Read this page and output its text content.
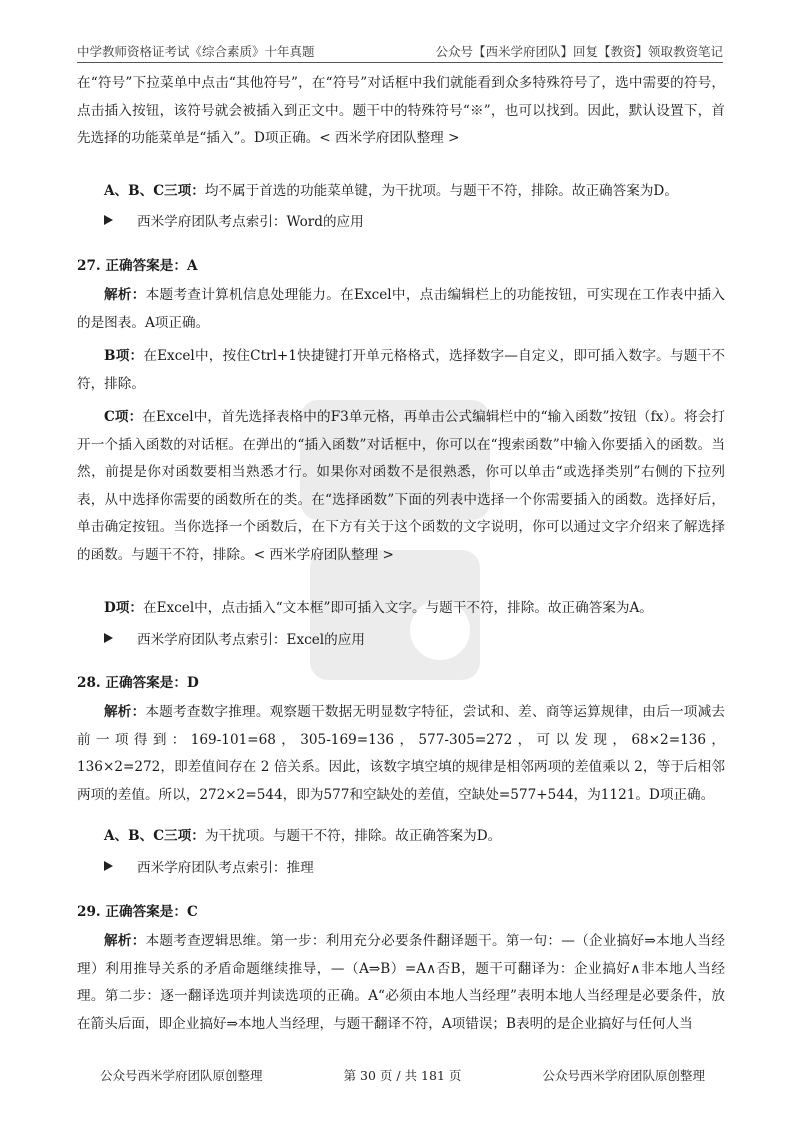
中学教师资格证考试《综合素质》十年真题	公众号【西米学府团队】回复【教资】领取教资笔记
在“符号”下拉菜单中点击“其他符号”，在“符号”对话框中我们就能看到众多特殊符号了，选中需要的符号，点击插入按钮，该符号就会被插入到正文中。题干中的特殊符号“※”，也可以找到。因此，默认设置下，首先选择的功能菜单是“插入”。D项正确。< 西米学府团队整理 >
A、B、C三项：均不属于首选的功能菜单键，为干扰项。与题干不符，排除。故正确答案为D。
西米学府团队考点索引：Word的应用
27. 正确答案是：A
解析：本题考查计算机信息处理能力。在Excel中，点击编辑栏上的功能按钮，可实现在工作表中插入的是图表。A项正确。
B项：在Excel中，按住Ctrl+1快捷键打开单元格格式，选择数字—自定义，即可插入数字。与题干不符，排除。
C项：在Excel中，首先选择表格中的F3单元格，再单击公式编辑栏中的“输入函数”按钮（fx）。将会打开一个插入函数的对话框。在弹出的“插入函数”对话框中，你可以在“搜索函数”中输入你要插入的函数。当然，前提是你对函数要相当熟悉才行。如果你对函数不是很熟悉，你可以单击“或选择类别”右侧的下拉列表，从中选择你需要的函数所在的类。在“选择函数”下面的列表中选择一个你需要插入的函数。选择好后，单击确定按钮。当你选择一个函数后，在下方有关于这个函数的文字说明，你可以通过文字介绍来了解选择的函数。与题干不符，排除。< 西米学府团队整理 >
D项：在Excel中，点击插入“文本框”即可插入文字。与题干不符，排除。故正确答案为A。
西米学府团队考点索引：Excel的应用
28. 正确答案是：D
解析：本题考查数字推理。观察题干数据无明显数字特征，尝试和、差、商等运算规律，由后一项减去前一项得到：169-101=68，305-169=136，577-305=272，可以发现，68×2=136，136×2=272，即差值间存在 2 倍关系。因此，该数字填空填的规律是相邻两项的差值乘以 2，等于后相邻两项的差值。所以，272×2=544，即为577和空缺处的差值，空缺处=577+544，为1121。D项正确。
A、B、C三项：为干扰项。与题干不符，排除。故正确答案为D。
西米学府团队考点索引：推理
29. 正确答案是：C
解析：本题考查逻辑思维。第一步：利用充分必要条件翻译题干。第一句：—（企业搞好⇒本地人当经理）利用推导关系的矛盾命题继续推导，—（A⇒B）=A∧否B，题干可翻译为：企业搞好∧非本地人当经理。第二步：逐一翻译选项并判读选项的正确。A“必须由本地人当经理”表明本地人当经理是必要条件，放在箭头后面，即企业搞好⇒本地人当经理，与题干翻译不符，A项错误；B表明的是企业搞好与任何人当
公众号西米学府团队原创整理	第 30 页 / 共 181 页	公众号西米学府团队原创整理
